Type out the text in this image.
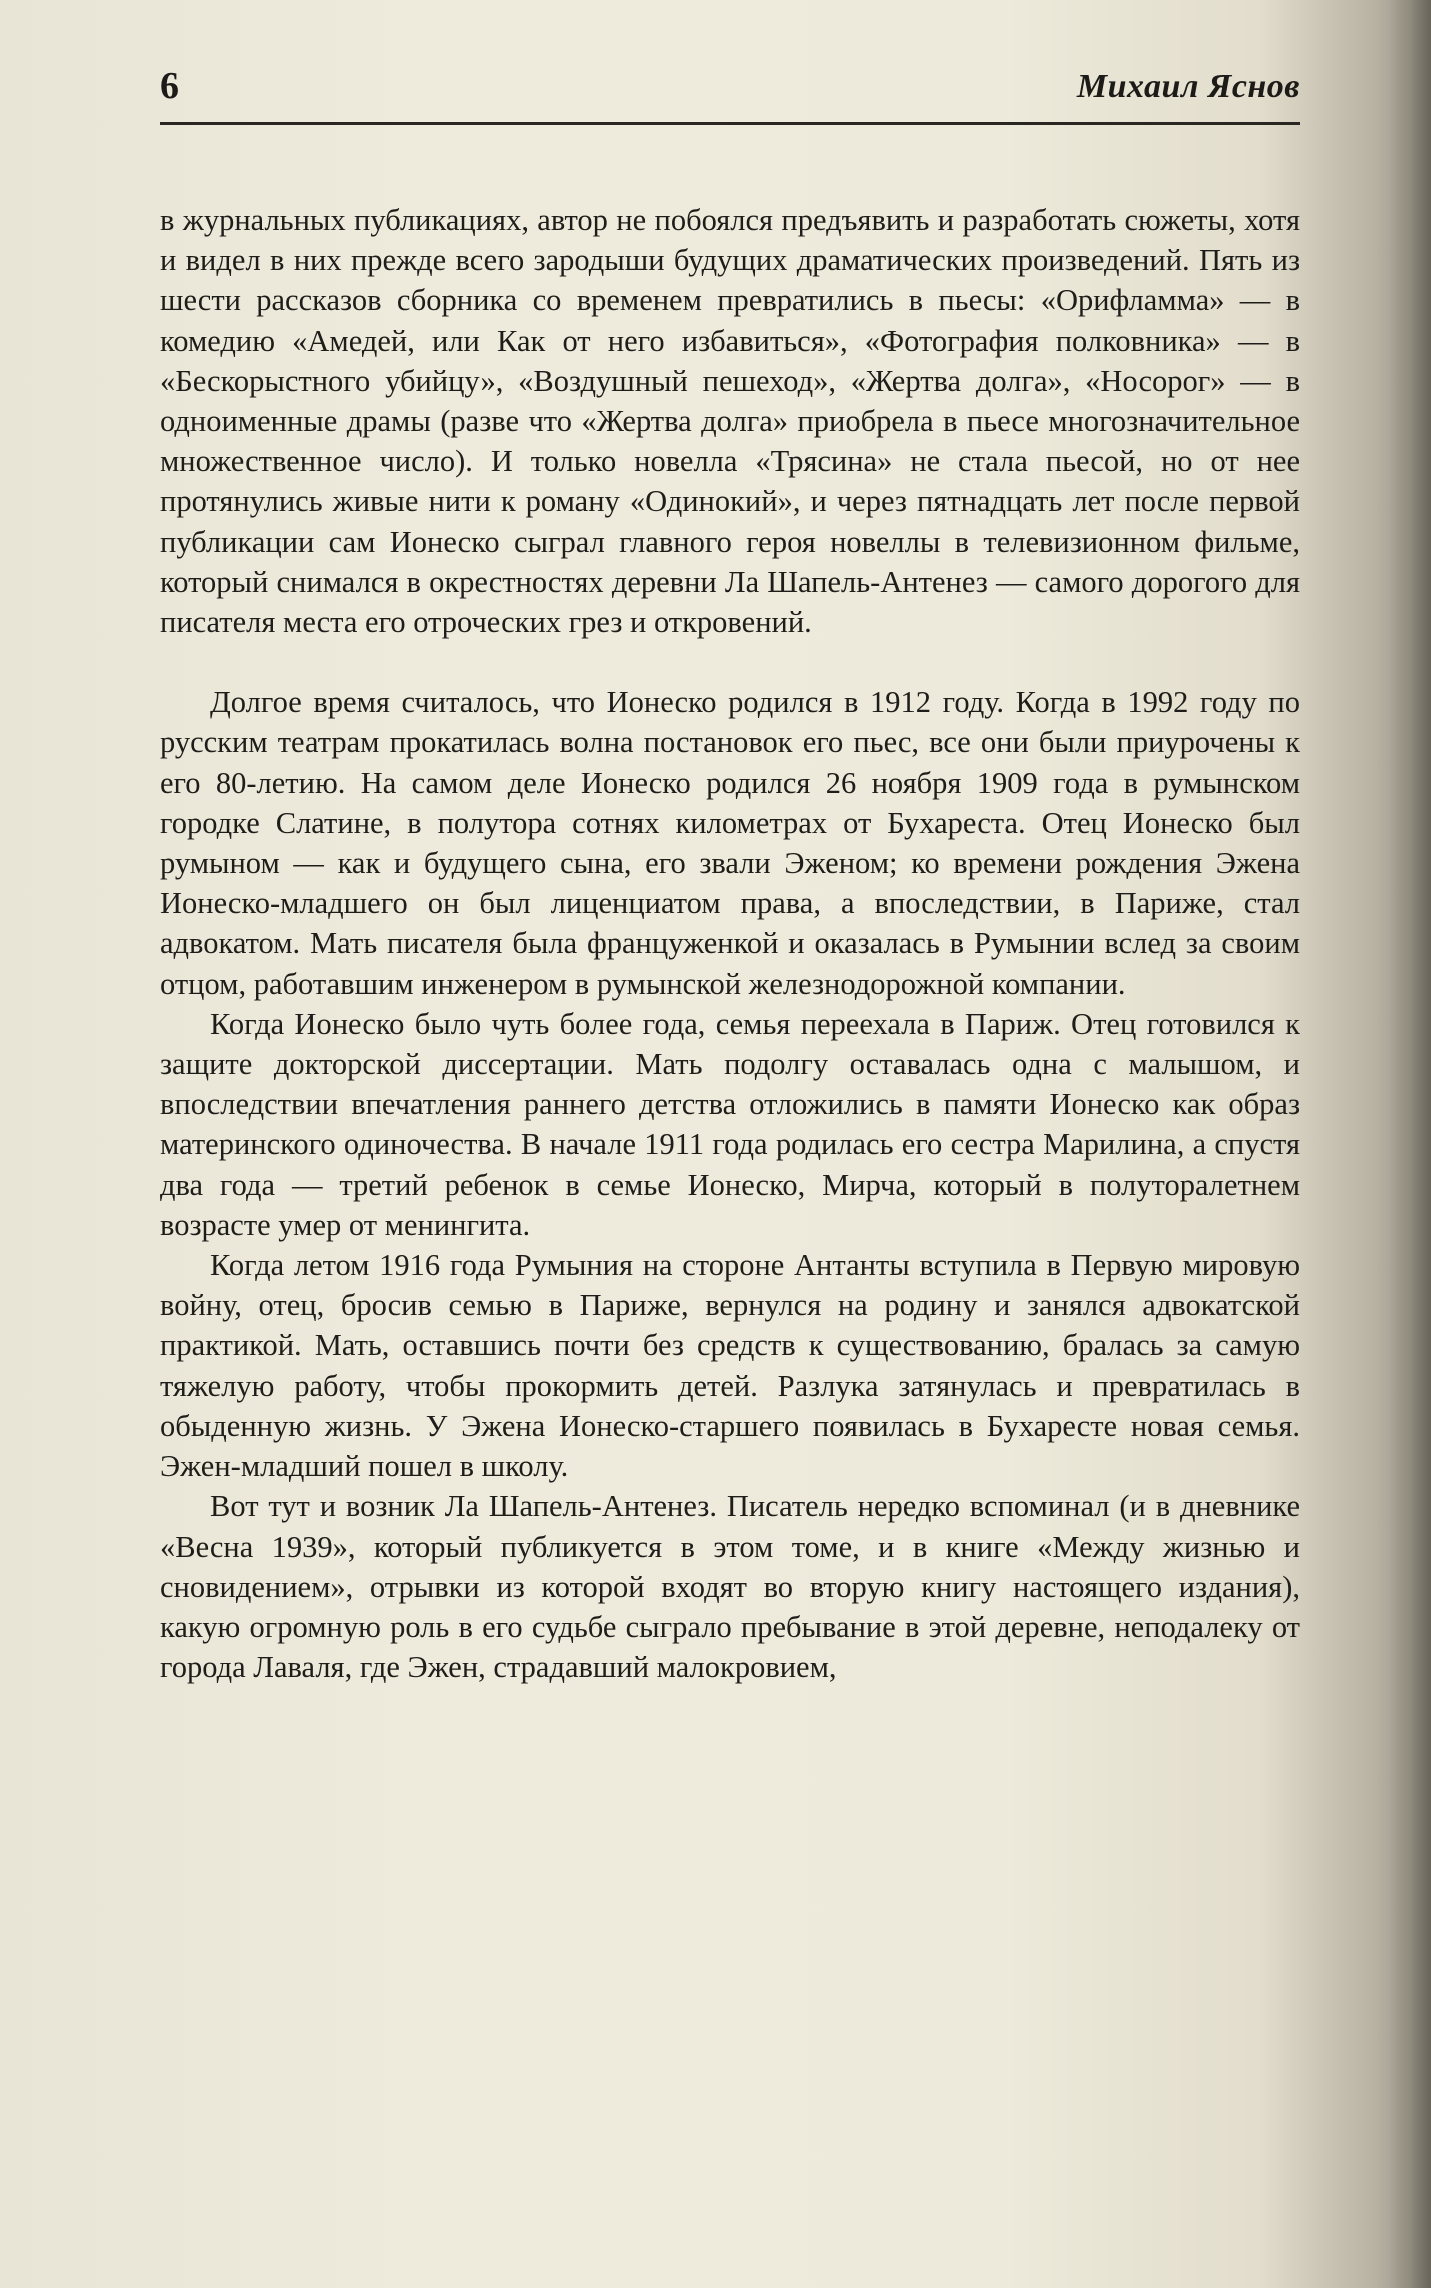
6	Михаил Яснов

в журнальных публикациях, автор не побоялся предъявить и разработать сюжеты, хотя и видел в них прежде всего зародыши будущих драматических произведений. Пять из шести рассказов сборника со временем превратились в пьесы: «Орифламма» — в комедию «Амедей, или Как от него избавиться», «Фотография полковника» — в «Бескорыстного убийцу», «Воздушный пешеход», «Жертва долга», «Носорог» — в одноименные драмы (разве что «Жертва долга» приобрела в пьесе многозначительное множественное число). И только новелла «Трясина» не стала пьесой, но от нее протянулись живые нити к роману «Одинокий», и через пятнадцать лет после первой публикации сам Ионеско сыграл главного героя новеллы в телевизионном фильме, который снимался в окрестностях деревни Ла Шапель-Антенез — самого дорогого для писателя места его отроческих грез и откровений.

Долгое время считалось, что Ионеско родился в 1912 году. Когда в 1992 году по русским театрам прокатилась волна постановок его пьес, все они были приурочены к его 80-летию. На самом деле Ионеско родился 26 ноября 1909 года в румынском городке Слатине, в полутора сотнях километрах от Бухареста. Отец Ионеско был румыном — как и будущего сына, его звали Эженом; ко времени рождения Эжена Ионеско-младшего он был лиценциатом права, а впоследствии, в Париже, стал адвокатом. Мать писателя была француженкой и оказалась в Румынии вслед за своим отцом, работавшим инженером в румынской железнодорожной компании.

Когда Ионеско было чуть более года, семья переехала в Париж. Отец готовился к защите докторской диссертации. Мать подолгу оставалась одна с малышом, и впоследствии впечатления раннего детства отложились в памяти Ионеско как образ материнского одиночества. В начале 1911 года родилась его сестра Марилина, а спустя два года — третий ребенок в семье Ионеско, Мирча, который в полуторалетнем возрасте умер от менингита.

Когда летом 1916 года Румыния на стороне Антанты вступила в Первую мировую войну, отец, бросив семью в Париже, вернулся на родину и занялся адвокатской практикой. Мать, оставшись почти без средств к существованию, бралась за самую тяжелую работу, чтобы прокормить детей. Разлука затянулась и превратилась в обыденную жизнь. У Эжена Ионеско-старшего появилась в Бухаресте новая семья. Эжен-младший пошел в школу.

Вот тут и возник Ла Шапель-Антенез. Писатель нередко вспоминал (и в дневнике «Весна 1939», который публикуется в этом томе, и в книге «Между жизнью и сновидением», отрывки из которой входят во вторую книгу настоящего издания), какую огромную роль в его судьбе сыграло пребывание в этой деревне, неподалеку от города Лаваля, где Эжен, страдавший малокровием,
